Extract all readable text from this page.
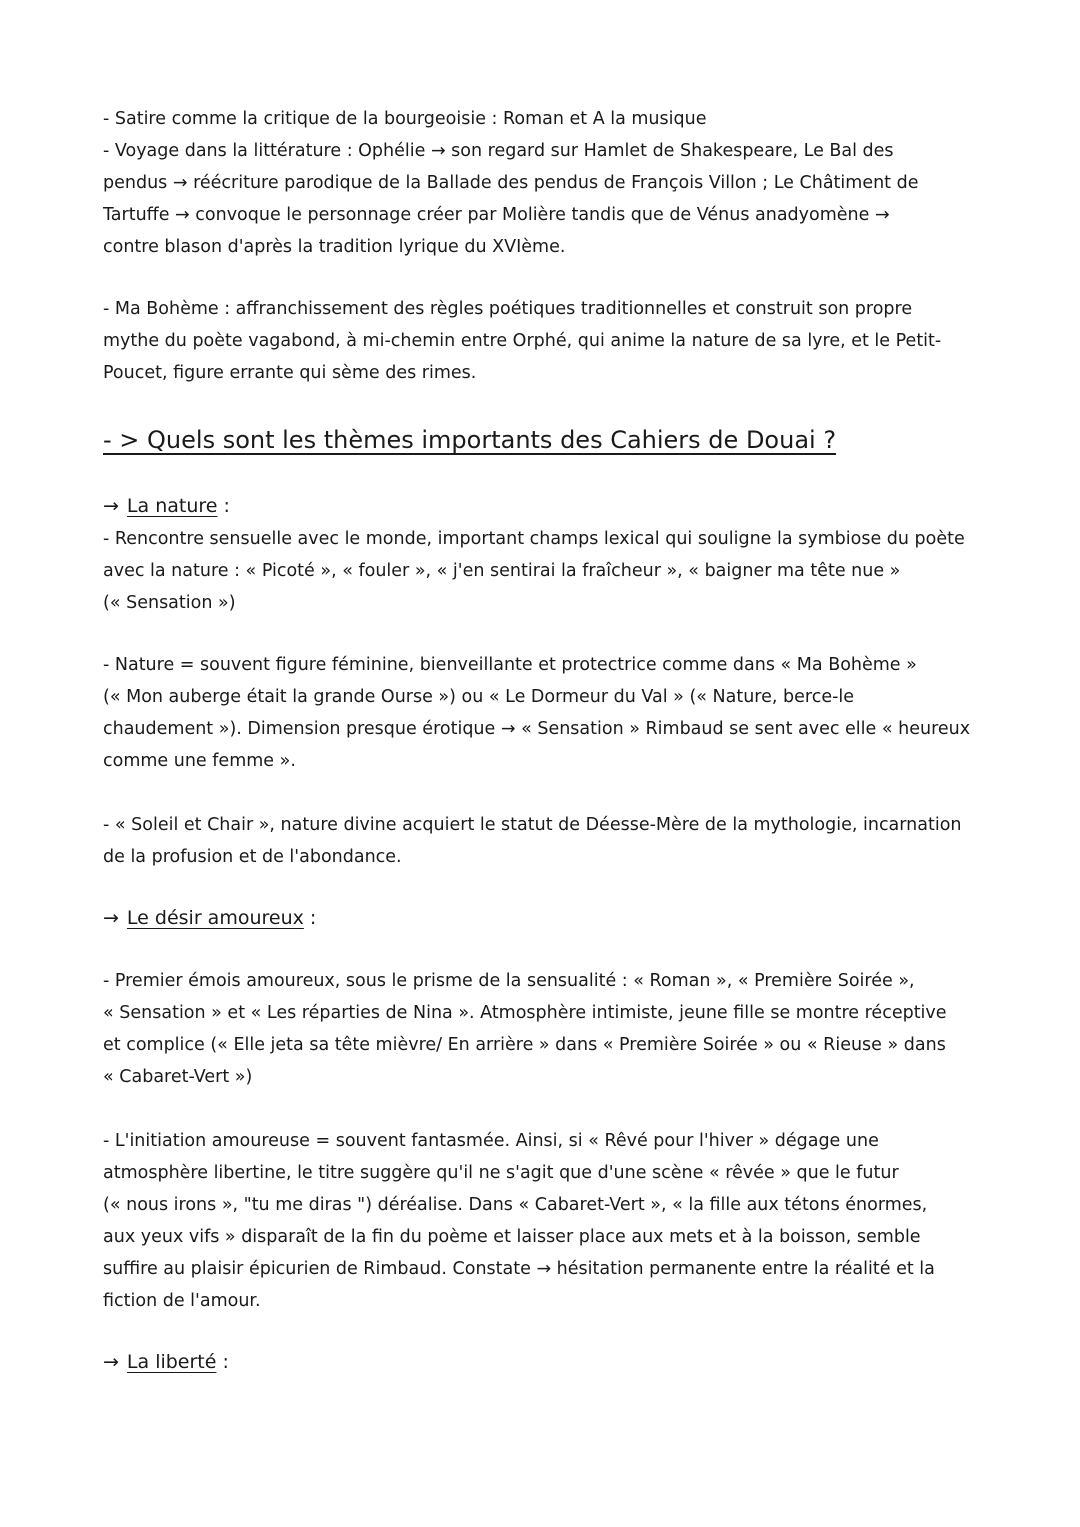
- Satire comme la critique de la bourgeoisie : Roman et A la musique
- Voyage dans la littérature : Ophélie → son regard sur Hamlet de Shakespeare, Le Bal des
pendus → réécriture parodique de la Ballade des pendus de François Villon ; Le Châtiment de
Tartuffe → convoque le personnage créer par Molière tandis que de Vénus anadyomène →
contre blason d'après la tradition lyrique du XVIème.
- Ma Bohème : affranchissement des règles poétiques traditionnelles et construit son propre
mythe du poète vagabond, à mi-chemin entre Orphé, qui anime la nature de sa lyre, et le Petit-
Poucet, figure errante qui sème des rimes.
- > Quels sont les thèmes importants des Cahiers de Douai ?
→ La nature :
- Rencontre sensuelle avec le monde, important champs lexical qui souligne la symbiose du poète
avec la nature : « Picoté », « fouler », « j'en sentirai la fraîcheur », « baigner ma tête nue »
(« Sensation »)
- Nature = souvent figure féminine, bienveillante et protectrice comme dans « Ma Bohème »
(« Mon auberge était la grande Ourse ») ou « Le Dormeur du Val » (« Nature, berce-le
chaudement »). Dimension presque érotique → « Sensation » Rimbaud se sent avec elle « heureux
comme une femme ».
- « Soleil et Chair », nature divine acquiert le statut de Déesse-Mère de la mythologie, incarnation
de la profusion et de l'abondance.
→ Le désir amoureux :
- Premier émois amoureux, sous le prisme de la sensualité : « Roman », « Première Soirée »,
« Sensation » et « Les réparties de Nina ». Atmosphère intimiste, jeune fille se montre réceptive
et complice (« Elle jeta sa tête mièvre/ En arrière » dans « Première Soirée » ou « Rieuse » dans
« Cabaret-Vert »)
- L'initiation amoureuse = souvent fantasmée. Ainsi, si « Rêvé pour l'hiver » dégage une
atmosphère libertine, le titre suggère qu'il ne s'agit que d'une scène « rêvée » que le futur
(« nous irons », "tu me diras ") déréalise. Dans « Cabaret-Vert », « la fille aux tétons énormes,
aux yeux vifs » disparaît de la fin du poème et laisser place aux mets et à la boisson, semble
suffire au plaisir épicurien de Rimbaud. Constate → hésitation permanente entre la réalité et la
fiction de l'amour.
→ La liberté :
